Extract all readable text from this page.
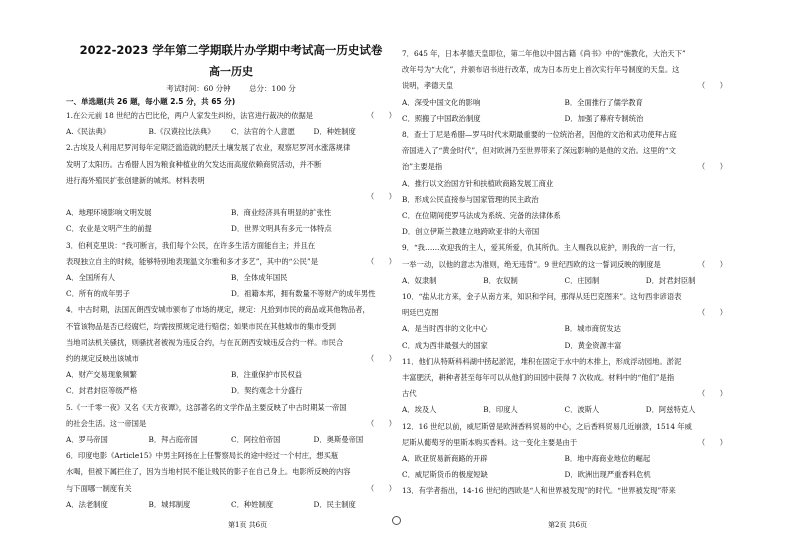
2022-2023 学年第二学期联片办学期中考试高一历史试卷
高一历史
考试时间：60 分钟 总分：100 分
一、单选题(共 26 题，每小题 2.5 分，共 65 分)
1.在公元前 18 世纪的古巴比伦，两户人家发生纠纷，法官进行裁决的依据是	（　　）
A.《民法典》	B.《汉谟拉比法典》	C．法官的个人意愿	D．种姓制度
2.古埃及人利用尼罗河每年定期泛滥造就的肥沃土壤发展了农业，观察尼罗河水涨落规律
发明了太阳历。古希腊人因为粮食种植业的欠发达而高度依赖商贸活动，并不断
进行海外殖民扩张创建新的城邦。材料表明
（　　）
A．地理环境影响文明发展	B．商业经济具有明显的扩张性
C．农业是文明产生的前提	D．世界文明具有多元一体特点
3．伯利克里说：“我可断言，我们每个公民，在许多生活方面能自主；并且在
表现独立自主的时候，能够特别地表现温文尔雅和多才多艺”，其中的“公民”是	（　　）
A．全国所有人	B．全体成年国民
C．所有的成年男子	D．祖籍本邦，拥有数量不等财产的成年男性
4．中古时期，法国瓦朗西安城市颁布了市场的规定，规定：凡拾到市民的商品或其他物品者，
不管该物品是否已经腐烂，均需按照规定进行赔偿；如果市民在其他城市的集市受到
当地司法机关骚扰，则骚扰者被视为违反合约，与在瓦朗西安城违反合约一样。市民合
约的规定反映出该城市	（　　）
A．财产交易现象频繁	B．注重保护市民权益
C．封君封臣等级严格	D．契约观念十分盛行
5.《一千零一夜》又名《天方夜谭》，这部著名的文学作品主要反映了中古时期某一帝国
的社会生活。这一帝国是	（　　）
A．罗马帝国	B．拜占庭帝国	C．阿拉伯帝国	D．奥斯曼帝国
6．印度电影《Article15》中男主阿扬在上任警察局长的途中经过一个村庄，想买瓶
水喝，但被下属拦住了，因为当地村民不能让贱民的影子在自己身上。电影所反映的内容
与下面哪一制度有关	（　　）
A．法老制度	B．城邦制度	C．种姓制度	D．民主制度
7．645 年，日本孝德天皇即位，第二年他以中国古籍《尚书》中的“施教化，大治天下”
改年号为“大化”，并颁布诏书进行改革，成为日本历史上首次实行年号制度的天皇。这
说明，孝德天皇	（　　）
A．深受中国文化的影响	B．全面推行了儒学教育
C．照搬了中国政治制度	D．加强了幕府专制统治
8．查士丁尼是希腊—罗马时代末期最重要的一位统治者，因他的文治和武功使拜占庭
帝国进入了“黄金时代”，但对欧洲乃至世界带来了深远影响的是他的文治。这里的“文
治”主要是指	（　　）
A．推行以文治国方针和扶植欧商路发展工商业
B．形成公民直接参与国家管理的民主政治
C．在位期间使罗马法成为系统、完备的法律体系
D．创立伊斯兰教建立地跨欧亚非的大帝国
9．“我……欢迎我的主人，爱其所爱，仇其所仇。主人赐我以庇护，则我的一言一行，
一举一动，以他的意志为准则，绝无违背”。9 世纪西欧的这一誓词反映的制度是	（　　）
A．奴隶制	B．农奴制	C．庄园制	D．封君封臣制
10．“盐从北方来，金子从南方来，知识和学问，那得从廷巴克图来”。这句西非谚语表
明廷巴克图	（　　）
A．是当时西非的文化中心	B．城市商贸发达
C．成为西非最强大的国家	D．黄金资源丰富
11．他们从特斯科科湖中捞起淤泥，堆积在固定于水中的木排上，形成浮动园地。淤泥
丰富肥沃，耕种者甚至每年可以从他们的田园中获得 7 次收成。材料中的“他们”是指
古代	（　　）
A．埃及人	B．印度人	C．波斯人	D．阿兹特克人
12．16 世纪以前，威尼斯曾是欧洲香料贸易的中心，之后香料贸易几近崩溃，1514 年威
尼斯从葡萄牙的里斯本购买香料。这一变化主要是由于	（　　）
A．欧亚贸易新商路的开辟	B．地中海商业地位的崛起
C．威尼斯货币的极度短缺	D．欧洲出现严重香料危机
13．有学者指出，14-16 世纪的西欧是“人和世界被发现”的时代。“世界被发现”带来
第1页 共6页	第2页 共6页
